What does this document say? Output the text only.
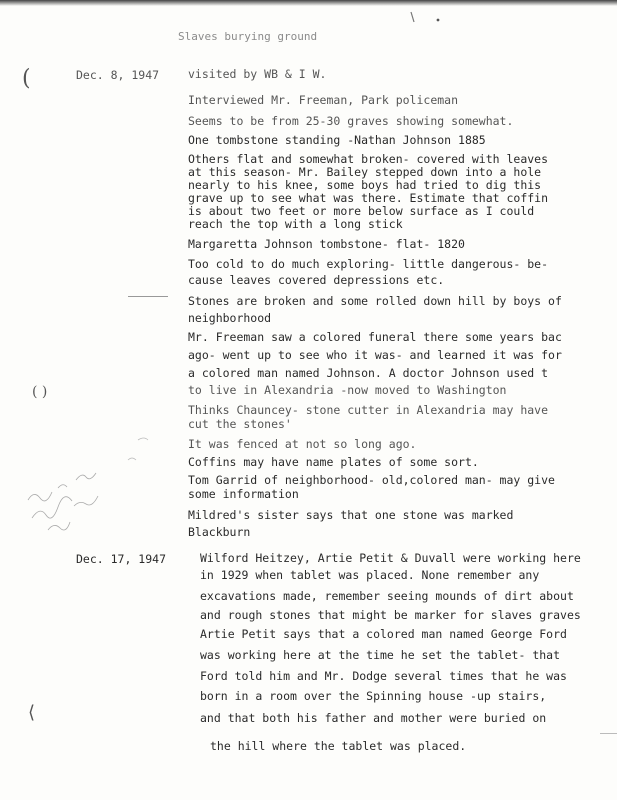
Slaves burying ground
(
( )
⟨
Dec. 8, 1947	visited by WB & I W.
Interviewed Mr. Freeman, Park policeman
Seems to be from 25-30 graves showing somewhat.
One tombstone standing -Nathan Johnson 1885
Others flat and somewhat broken- covered with leaves
at this season- Mr. Bailey stepped down into a hole
nearly to his knee, some boys had tried to dig this
grave up to see what was there. Estimate that coffin
is about two feet or more below surface as I could
reach the top with a long stick
Margaretta Johnson tombstone- flat- 1820
Too cold to do much exploring- little dangerous- be-
cause leaves covered depressions etc.
Stones are broken and some rolled down hill by boys of
neighborhood
Mr. Freeman saw a colored funeral there some years bac
ago- went up to see who it was- and learned it was for
a colored man named Johnson. A doctor Johnson used t
to live in Alexandria -now moved to Washington
Thinks Chauncey- stone cutter in Alexandria may have
cut the stones'
It was fenced at not so long ago.
Coffins may have name plates of some sort.
Tom Garrid of neighborhood- old,colored man- may give
some information
Mildred's sister says that one stone was marked
Blackburn
Dec. 17, 1947	Wilford Heitzey, Artie Petit & Duvall were working here
in 1929 when tablet was placed. None remember any
excavations made, remember seeing mounds of dirt about
and rough stones that might be marker for slaves graves
Artie Petit says that a colored man named George Ford
was working here at the time he set the tablet- that
Ford told him and Mr. Dodge several times that he was
born in a room over the Spinning house -up stairs,
and that both his father and mother were buried on
the hill where the tablet was placed.
